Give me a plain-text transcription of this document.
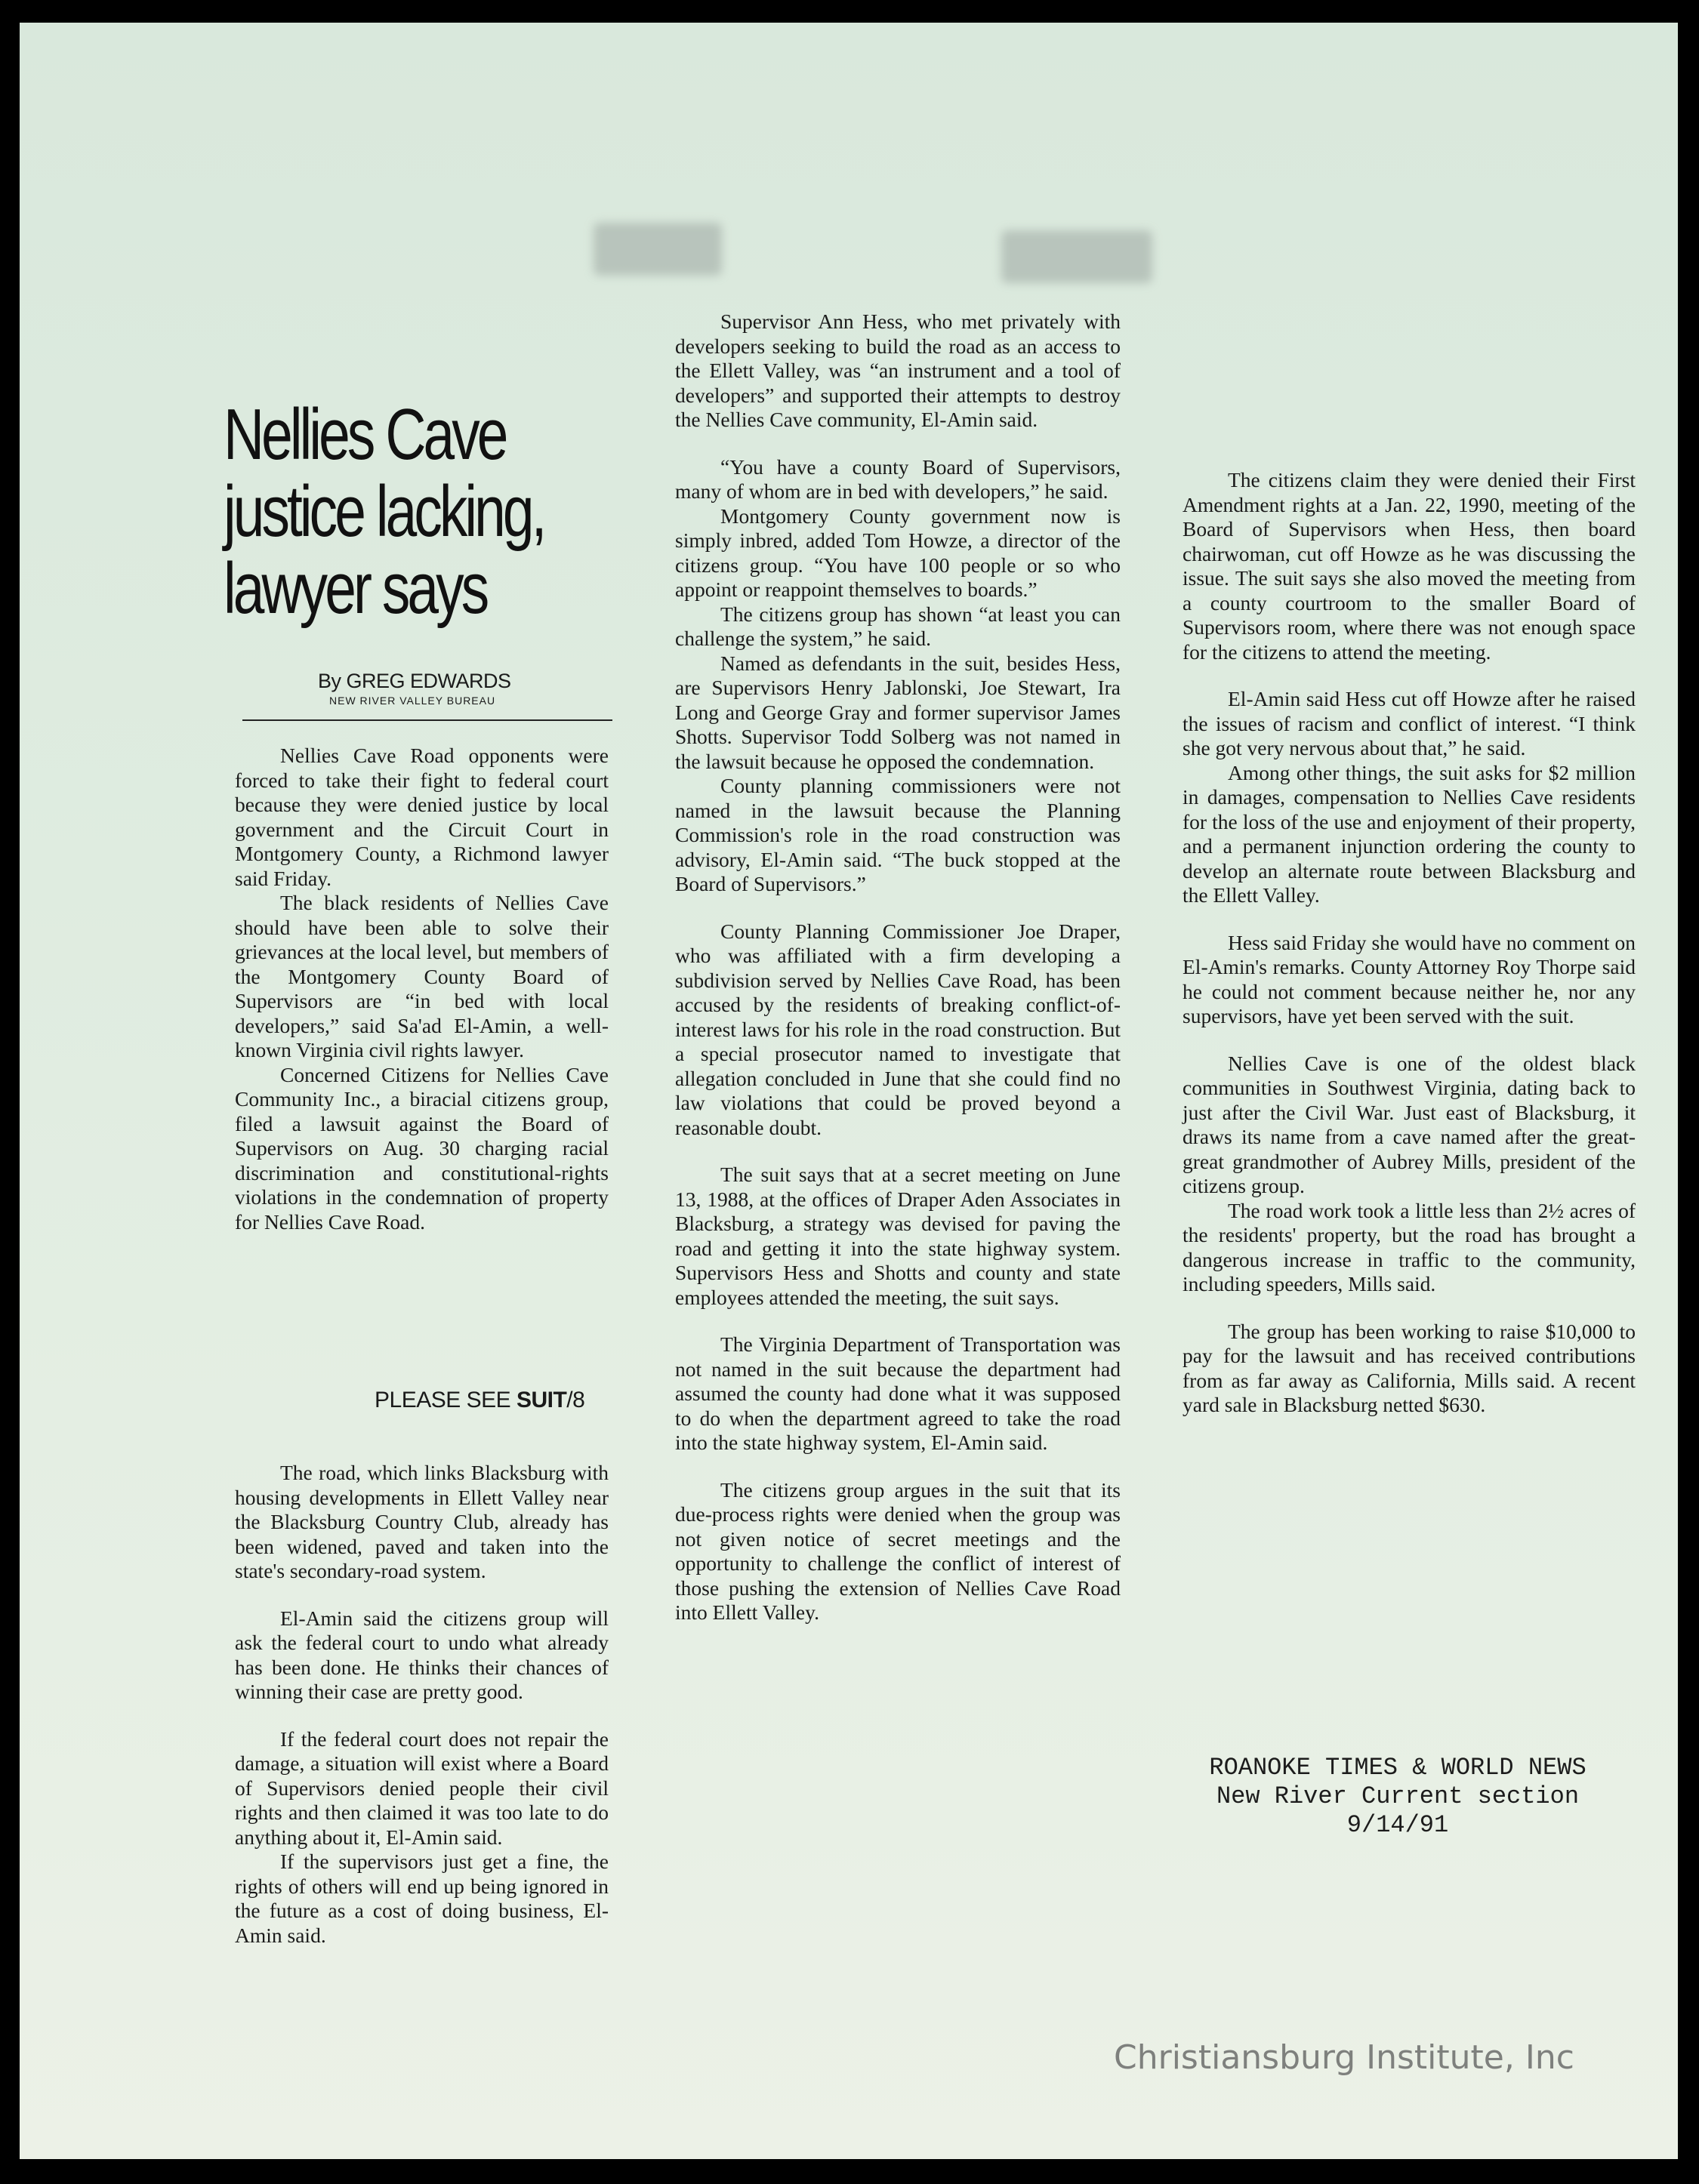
Nellies Cave justice lacking, lawyer says
By GREG EDWARDS
NEW RIVER VALLEY BUREAU

Nellies Cave Road opponents were forced to take their fight to federal court because they were denied justice by local government and the Circuit Court in Montgomery County, a Richmond lawyer said Friday.

The black residents of Nellies Cave should have been able to solve their grievances at the local level, but members of the Montgomery County Board of Supervisors are “in bed with local developers,” said Sa'ad El-Amin, a well-known Virginia civil rights lawyer.

Concerned Citizens for Nellies Cave Community Inc., a biracial citizens group, filed a lawsuit against the Board of Supervisors on Aug. 30 charging racial discrimination and constitutional-rights violations in the condemnation of property for Nellies Cave Road.

PLEASE SEE SUIT/8

The road, which links Blacksburg with housing developments in Ellett Valley near the Blacksburg Country Club, already has been widened, paved and taken into the state's secondary-road system.

El-Amin said the citizens group will ask the federal court to undo what already has been done. He thinks their chances of winning their case are pretty good.

If the federal court does not repair the damage, a situation will exist where a Board of Supervisors denied people their civil rights and then claimed it was too late to do anything about it, El-Amin said.

If the supervisors just get a fine, the rights of others will end up being ignored in the future as a cost of doing business, El-Amin said.

Supervisor Ann Hess, who met privately with developers seeking to build the road as an access to the Ellett Valley, was “an instrument and a tool of developers” and supported their attempts to destroy the Nellies Cave community, El-Amin said.

“You have a county Board of Supervisors, many of whom are in bed with developers,” he said.

Montgomery County government now is simply inbred, added Tom Howze, a director of the citizens group. “You have 100 people or so who appoint or reappoint themselves to boards.”

The citizens group has shown “at least you can challenge the system,” he said.

Named as defendants in the suit, besides Hess, are Supervisors Henry Jablonski, Joe Stewart, Ira Long and George Gray and former supervisor James Shotts. Supervisor Todd Solberg was not named in the lawsuit because he opposed the condemnation.

County planning commissioners were not named in the lawsuit because the Planning Commission's role in the road construction was advisory, El-Amin said. “The buck stopped at the Board of Supervisors.”

County Planning Commissioner Joe Draper, who was affiliated with a firm developing a subdivision served by Nellies Cave Road, has been accused by the residents of breaking conflict-of-interest laws for his role in the road construction. But a special prosecutor named to investigate that allegation concluded in June that she could find no law violations that could be proved beyond a reasonable doubt.

The suit says that at a secret meeting on June 13, 1988, at the offices of Draper Aden Associates in Blacksburg, a strategy was devised for paving the road and getting it into the state highway system. Supervisors Hess and Shotts and county and state employees attended the meeting, the suit says.

The Virginia Department of Transportation was not named in the suit because the department had assumed the county had done what it was supposed to do when the department agreed to take the road into the state highway system, El-Amin said.

The citizens group argues in the suit that its due-process rights were denied when the group was not given notice of secret meetings and the opportunity to challenge the conflict of interest of those pushing the extension of Nellies Cave Road into Ellett Valley.

The citizens claim they were denied their First Amendment rights at a Jan. 22, 1990, meeting of the Board of Supervisors when Hess, then board chairwoman, cut off Howze as he was discussing the issue. The suit says she also moved the meeting from a county courtroom to the smaller Board of Supervisors room, where there was not enough space for the citizens to attend the meeting.

El-Amin said Hess cut off Howze after he raised the issues of racism and conflict of interest. “I think she got very nervous about that,” he said.

Among other things, the suit asks for $2 million in damages, compensation to Nellies Cave residents for the loss of the use and enjoyment of their property, and a permanent injunction ordering the county to develop an alternate route between Blacksburg and the Ellett Valley.

Hess said Friday she would have no comment on El-Amin's remarks. County Attorney Roy Thorpe said he could not comment because neither he, nor any supervisors, have yet been served with the suit.

Nellies Cave is one of the oldest black communities in Southwest Virginia, dating back to just after the Civil War. Just east of Blacksburg, it draws its name from a cave named after the great-great grandmother of Aubrey Mills, president of the citizens group.

The road work took a little less than 2½ acres of the residents' property, but the road has brought a dangerous increase in traffic to the community, including speeders, Mills said.

The group has been working to raise $10,000 to pay for the lawsuit and has received contributions from as far away as California, Mills said. A recent yard sale in Blacksburg netted $630.

ROANOKE TIMES & WORLD NEWS
New River Current section
9/14/91
Christiansburg Institute, Inc
